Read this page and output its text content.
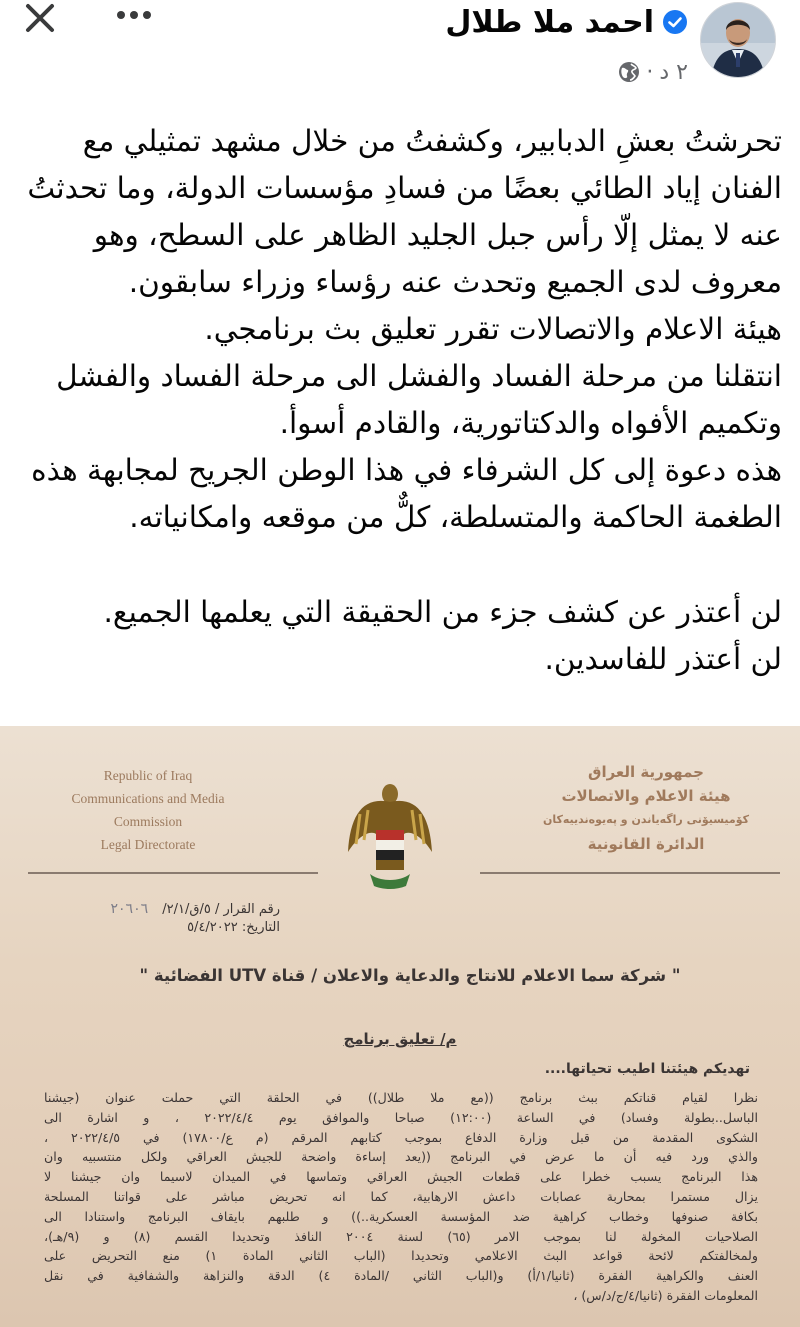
احمد ملا طلال
٢ د
·

تحرشتُ بعشِ الدبابير، وكشفتُ من خلال مشهد تمثيلي مع

الفنان إياد الطائي بعضًا من فسادِ مؤسسات الدولة، وما تحدثتُ

عنه لا يمثل إلّا رأس جبل الجليد الظاهر على السطح، وهو

معروف لدى الجميع وتحدث عنه رؤساء وزراء سابقون.

هيئة الاعلام والاتصالات تقرر تعليق بث برنامجي.

انتقلنا من مرحلة الفساد والفشل الى مرحلة الفساد والفشل

وتكميم الأفواه والدكتاتورية، والقادم أسوأ.

هذه دعوة إلى كل الشرفاء في هذا الوطن الجريح لمجابهة هذه

الطغمة الحاكمة والمتسلطة، كلٌّ من موقعه وامكانياته.

لن أعتذر عن كشف جزء من الحقيقة التي يعلمها الجميع.

لن أعتذر للفاسدين.

Republic of Iraq
Communications and Media
Commission
Legal Directorate
جمهورية العراق
هيئة الاعلام والاتصالات
كۆمیسیۆنی راگەیاندن و پەیوەندییەکان
الدائرة القانونية
رقم القرار / ٥/ق/٢/١/ ٢٠٦٠٦
التاريخ: ٥/٤/٢٠٢٢
" شركة سما الاعلام للانتاج والدعاية والاعلان / قناة UTV الفضائية "
م/ تعليق برنامج
تهديكم هيئتنا اطيب تحياتها....

نظرا لقيام قناتكم ببث برنامج ((مع ملا طلال)) في الحلقة التي حملت عنوان (جيشنا

الباسل..بطولة وفساد) في الساعة (١٢:٠٠) صباحا والموافق يوم ٢٠٢٢/٤/٤ ، و اشارة الى

الشكوى المقدمة من قبل وزارة الدفاع بموجب كتابهم المرقم (م ع/١٧٨٠٠) في ٢٠٢٢/٤/٥ ،

والذي ورد فيه أن ما عرض في البرنامج ((يعد إساءة واضحة للجيش العراقي ولكل منتسبيه وان

هذا البرنامج يسبب خطرا على قطعات الجيش العراقي وتماسها في الميدان لاسيما وان جيشنا لا

يزال مستمرا بمحاربة عصابات داعش الارهابية، كما انه تحريض مباشر على قواتنا المسلحة

بكافة صنوفها وخطاب كراهية ضد المؤسسة العسكرية..)) و طلبهم بايقاف البرنامج واستنادا الى

الصلاحيات المخولة لنا بموجب الامر (٦٥) لسنة ٢٠٠٤ النافذ وتحديدا القسم (٨) و (٩/هـ)،

ولمخالفتكم لائحة قواعد البث الاعلامي وتحديدا (الباب الثاني المادة ١) منع التحريض على

العنف والكراهية الفقرة (ثانيا/١/أ) و(الباب الثاني /المادة ٤) الدقة والنزاهة والشفافية في نقل

المعلومات الفقرة (ثانيا/٤/ج/د/س) ،
